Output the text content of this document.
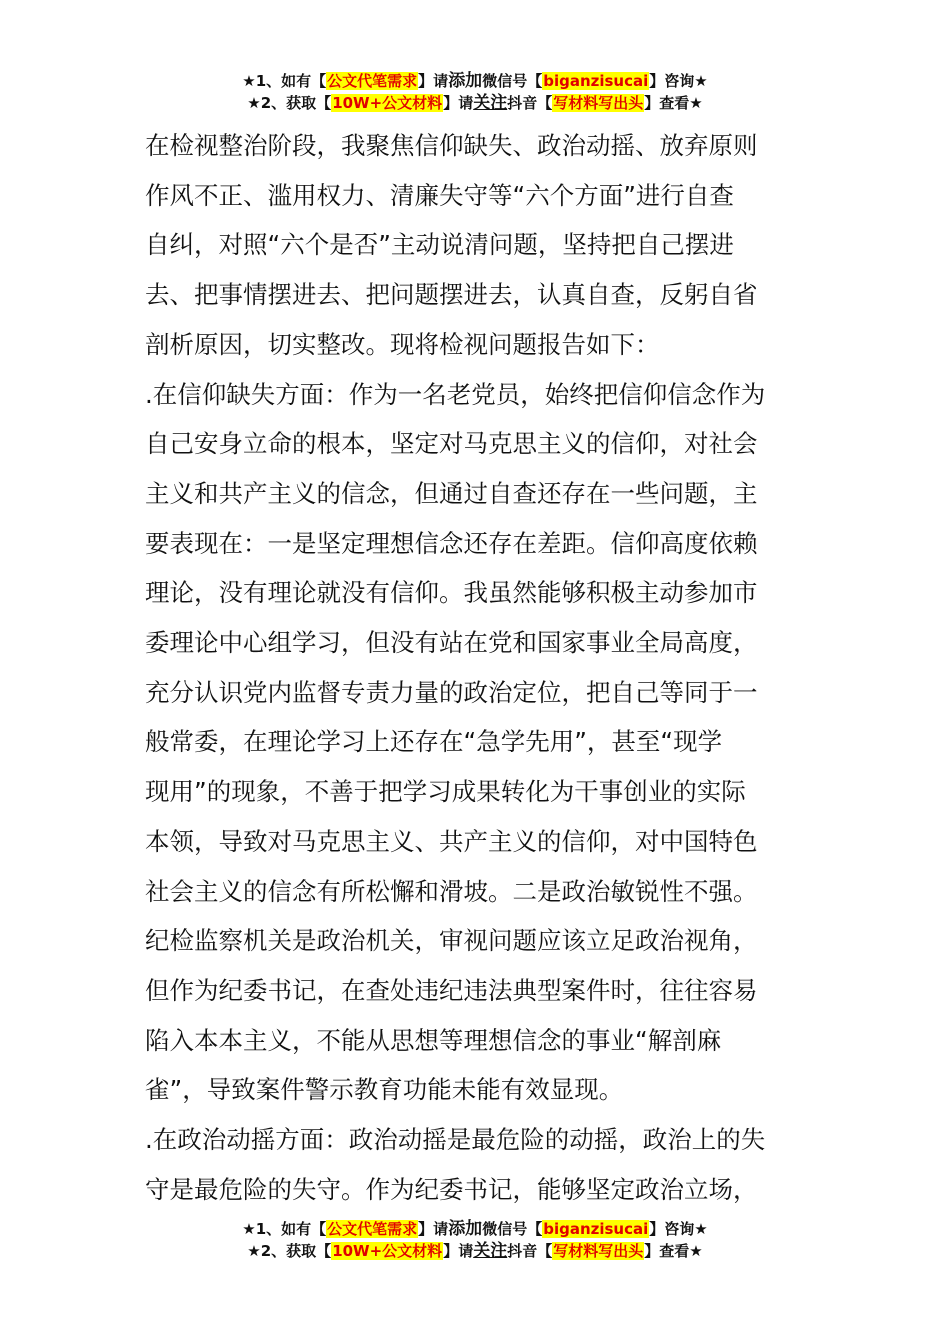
★1、如有【公文代笔需求】请添加微信号【biganzisucai】咨询★
★2、获取【10W+公文材料】请关注抖音【写材料写出头】查看★

在检视整治阶段，我聚焦信仰缺失、政治动摇、放弃原则

作风不正、滥用权力、清廉失守等“六个方面”进行自查

自纠，对照“六个是否”主动说清问题，坚持把自己摆进

去、把事情摆进去、把问题摆进去，认真自查，反躬自省

剖析原因，切实整改。现将检视问题报告如下：

.在信仰缺失方面：作为一名老党员，始终把信仰信念作为

自己安身立命的根本，坚定对马克思主义的信仰，对社会

主义和共产主义的信念，但通过自查还存在一些问题，主

要表现在：一是坚定理想信念还存在差距。信仰高度依赖

理论，没有理论就没有信仰。我虽然能够积极主动参加市

委理论中心组学习，但没有站在党和国家事业全局高度，

充分认识党内监督专责力量的政治定位，把自己等同于一

般常委，在理论学习上还存在“急学先用”，甚至“现学

现用”的现象，不善于把学习成果转化为干事创业的实际

本领，导致对马克思主义、共产主义的信仰，对中国特色

社会主义的信念有所松懈和滑坡。二是政治敏锐性不强。

纪检监察机关是政治机关，审视问题应该立足政治视角，

但作为纪委书记，在查处违纪违法典型案件时，往往容易

陷入本本主义，不能从思想等理想信念的事业“解剖麻

雀”，导致案件警示教育功能未能有效显现。

.在政治动摇方面：政治动摇是最危险的动摇，政治上的失

守是最危险的失守。作为纪委书记，能够坚定政治立场，

★1、如有【公文代笔需求】请添加微信号【biganzisucai】咨询★
★2、获取【10W+公文材料】请关注抖音【写材料写出头】查看★
